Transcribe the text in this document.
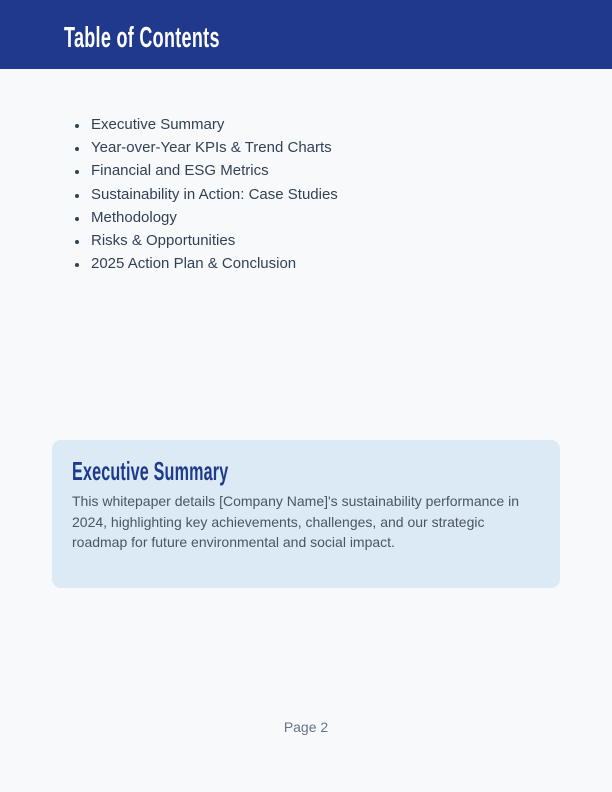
Table of Contents
• Executive Summary
• Year-over-Year KPIs & Trend Charts
• Financial and ESG Metrics
• Sustainability in Action: Case Studies
• Methodology
• Risks & Opportunities
• 2025 Action Plan & Conclusion
Executive Summary

This whitepaper details [Company Name]'s sustainability performance in 2024, highlighting key achievements, challenges, and our strategic roadmap for future environmental and social impact.

Page 2
